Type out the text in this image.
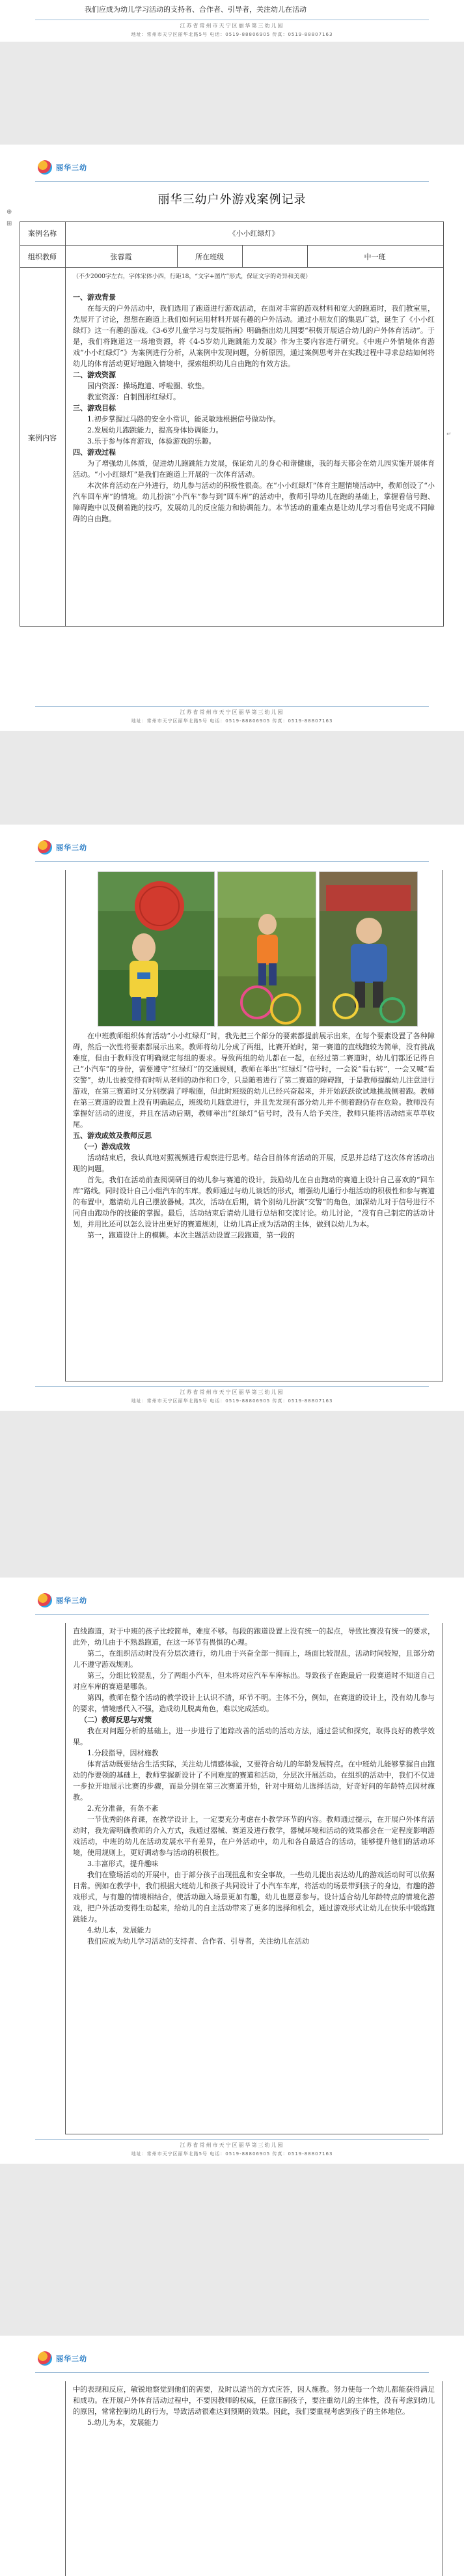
我们应成为幼儿学习活动的支持者、合作者、引导者，关注幼儿在活动

江苏省常州市天宁区丽华第三幼儿园
地址：常州市天宁区丽华北路5号 电话：0519-88806905 传真：0519-88807163
丽华三幼
丽华三幼户外游戏案例记录
⊕
⊞
案例名称	《小小红绿灯》
组织教师	张蓉霞	所在班级	中一班
案例内容
（不少2000字左右，字体宋体小四，行距18，“文字+图片”形式，保证文字的奇异和美观）

一、游戏背景

在每天的户外活动中，我们选用了跑道进行游戏活动，在面对丰富的游戏材料和宽大的跑道时，我们教室里，先展开了讨论，想想在跑道上我们如何运用材料开展有趣的户外活动。通过小朋友们的集思广益，诞生了《小小红绿灯》这一有趣的游戏。《3-6岁儿童学习与发展指南》明确指出幼儿园要“积极开展适合幼儿的户外体育活动”。于是，我们将跑道这一场地资源，将《4-5岁幼儿跑跳能力发展》作为主要内容进行研究。《中班户外情境体育游戏“小小红绿灯”》为案例进行分析，从案例中发现问题，分析原因，通过案例思考并在实践过程中寻求总结如何将幼儿的体育活动更好地融入情境中，探索组织幼儿自由跑的有效方法。

二、游戏资源

　　园内资源：操场跑道、呼啦圈、软垫。

　　教室资源：自制图形红绿灯。

三、游戏目标

　　1.初步掌握过马路的安全小常识，能灵敏地根据信号做动作。

　　2.发展幼儿跑跳能力，提高身体协调能力。

　　3.乐于参与体育游戏，体验游戏的乐趣。

四、游戏过程

为了增强幼儿体质，促进幼儿跑跳能力发展，保证幼儿的身心和谐健康，我的每天都会在幼儿园实施开展体育活动。“小小红绿灯”是我们在跑道上开展的一次体育活动。

本次体育活动在户外进行，幼儿参与活动的积极性很高。在“小小红绿灯”体育主题情境活动中，教师创设了“小汽车回车库”的情境。幼儿扮演“小汽车”参与到“回车库”的活动中，教师引导幼儿在跑的基础上，掌握看信号跑、障碍跑中以及侧着跑的技巧，发展幼儿的反应能力和协调能力。本节活动的重难点是让幼儿学习看信号完成不同障碍的自由跑。

↵
江苏省常州市天宁区丽华第三幼儿园
地址：常州市天宁区丽华北路5号 电话：0519-88806905 传真：0519-88807163
丽华三幼

在中班教师组织体育活动“小小红绿灯”时，我先把三个部分的要素都提前展示出来，在每个要素设置了各种障碍，然后一次性将要素都展示出来。教师将幼儿分成了两组，比赛开始时，第一赛道的直线跑较为简单，没有挑战难度，但由于教师没有明确规定每组的要求。导致两组的幼儿都在一起，在经过第二赛道时，幼儿们都还记得自己“小汽车”的身份，需要遵守“红绿灯”的交通规则，教师在举出“红绿灯”信号时，一会说“看右转”，一会又喊“看交警”，幼儿也被变得有时听从老师的动作和口令，只是随着进行了第二赛道的障碍跑，于是教师提醒幼儿注意进行游戏，在第三赛道时又分别摆满了呼啦圈，但此时班级的幼儿已经兴奋起来，并开始跃跃欲试地挑战侧着跑。教师在第三赛道的设置上没有明确起点，班级幼儿随意进行，并且先发现有部分幼儿并不侧着跑仍存在危险。教师没有掌握好活动的进度，并且在活动后期，教师举出“红绿灯”信号时，没有人给予关注，教师只能将活动结束草草收尾。

五、游戏成效及教师反思

（一）游戏成效

活动结束后，我认真地对照视频进行观察进行思考。结合目前体育活动的开展，反思并总结了这次体育活动出现的问题。

首先，我们在活动前查阅调研目的幼儿参与赛道的设计，鼓励幼儿在自由跑动的赛道上设计自己喜欢的“回车库”路线。同时设计自己小组汽车的车库。教师通过与幼儿谈话的形式，增强幼儿通行小组活动的积极性和参与赛道的布置中，邀请幼儿自己摆放器械。其次，活动在后期，请个别幼儿扮演“交警”的角色，加深幼儿对于信号进行不同自由跑动作的技能的掌握。最后，活动结束后请幼儿进行总结和交流讨论。幼儿讨论，“没有自己制定的活动计划，并用比还可以怎么设计出更好的赛道规则，让幼儿真正成为活动的主体，做到以幼儿为本。

第一，跑道设计上的模糊。本次主题活动设置三段跑道，第一段的

江苏省常州市天宁区丽华第三幼儿园
地址：常州市天宁区丽华北路5号 电话：0519-88806905 传真：0519-88807163
丽华三幼

直线跑道，对于中班的孩子比较简单，难度不够。每段的跑道设置上没有统一的起点，导致比赛没有统一的要求，此外，幼儿由于不熟悉跑道，在这一环节有畏惧的心理。

第二，在组织活动时没有分层次进行，幼儿由于兴奋全部一拥而上，场面比较混乱，活动时间较短，且部分幼儿不遵守游戏规则。

第三，分组比较混乱，分了两组小汽车，但未将对应汽车车库标出。导致孩子在跑最后一段赛道时不知道自己对应车库的赛道是哪条。

第四，教师在整个活动的教学设计上认识不清，环节不明。主体不分，例如，在赛道的设计上，没有幼儿参与的要求，情境感代入不强，造成幼儿脱离角色，难以完成活动。

（二）教师反思与对策

我在对问题分析的基础上，进一步进行了追踪改善的活动的活动方法，通过尝试和探究，取得良好的教学效果。

　　1.分段指导，因材施教

体育活动既要结合生活实际，关注幼儿情感体验，又要符合幼儿的年龄发展特点。在中班幼儿能够掌握自由跑动的作要领的基础上，教师掌握新设计了不同难度的赛道和活动，分层次开展活动。在组织的活动中，我们不仅进一步拉开地展示比赛的步骤，而是分别在第三次赛道开始，针对中班幼儿选择活动，好奇好问的年龄特点因材施教。

　　2.充分准备，有条不紊

一节优秀的体育课，在教学设计上，一定要充分考虑在小教学环节的内容。教师通过提示，在开展户外体育活动时，我先需明确教师的介入方式，我通过器械、赛道及进行教学，器械环境和活动的效果都会在一定程度影响游戏活动，中班的幼儿在活动发展水平有差异，在户外活动中，幼儿和各自最适合的活动，能够提升他们的活动环境，使用规则上，更好调动参与活动的积极性。

　　3.丰富形式，提升趣味

我们在整场活动的开展中，由于部分孩子出现扭乱和安全事故，一些幼儿提出表达幼儿的游戏活动时可以依据日常。例如在教学中，我们根据大班幼儿和孩子共同设计了小汽车车库，将活动的场景带到孩子的身边，有趣的游戏形式，与有趣的情境相结合，使活动融入场景更加有趣，幼儿也愿意参与。设计适合幼儿年龄特点的情境化游戏，把户外活动变得生动起来，给幼儿的自主活动带来了更多的选择和机会，通过游戏形式让幼儿在快乐中锻炼跑跳能力。

　　4.幼儿本，发展能力

我们应成为幼儿学习活动的支持者、合作者、引导者，关注幼儿在活动

江苏省常州市天宁区丽华第三幼儿园
地址：常州市天宁区丽华北路5号 电话：0519-88806905 传真：0519-88807163
丽华三幼

中的表现和反应，敏锐地察觉到他们的需要，及时以适当的方式应答，因人施教。努力使每一个幼儿都能获得满足和成功。在开展户外体育活动过程中，不要因教师的权威，任意压制孩子，要注重幼儿的主体性，没有考虑到幼儿的原因，常常控制幼儿的行为，导致活动很难达到预期的效果。因此，我们要重视考虑到孩子的主体地位。

　　5.幼儿为本，发展能力
